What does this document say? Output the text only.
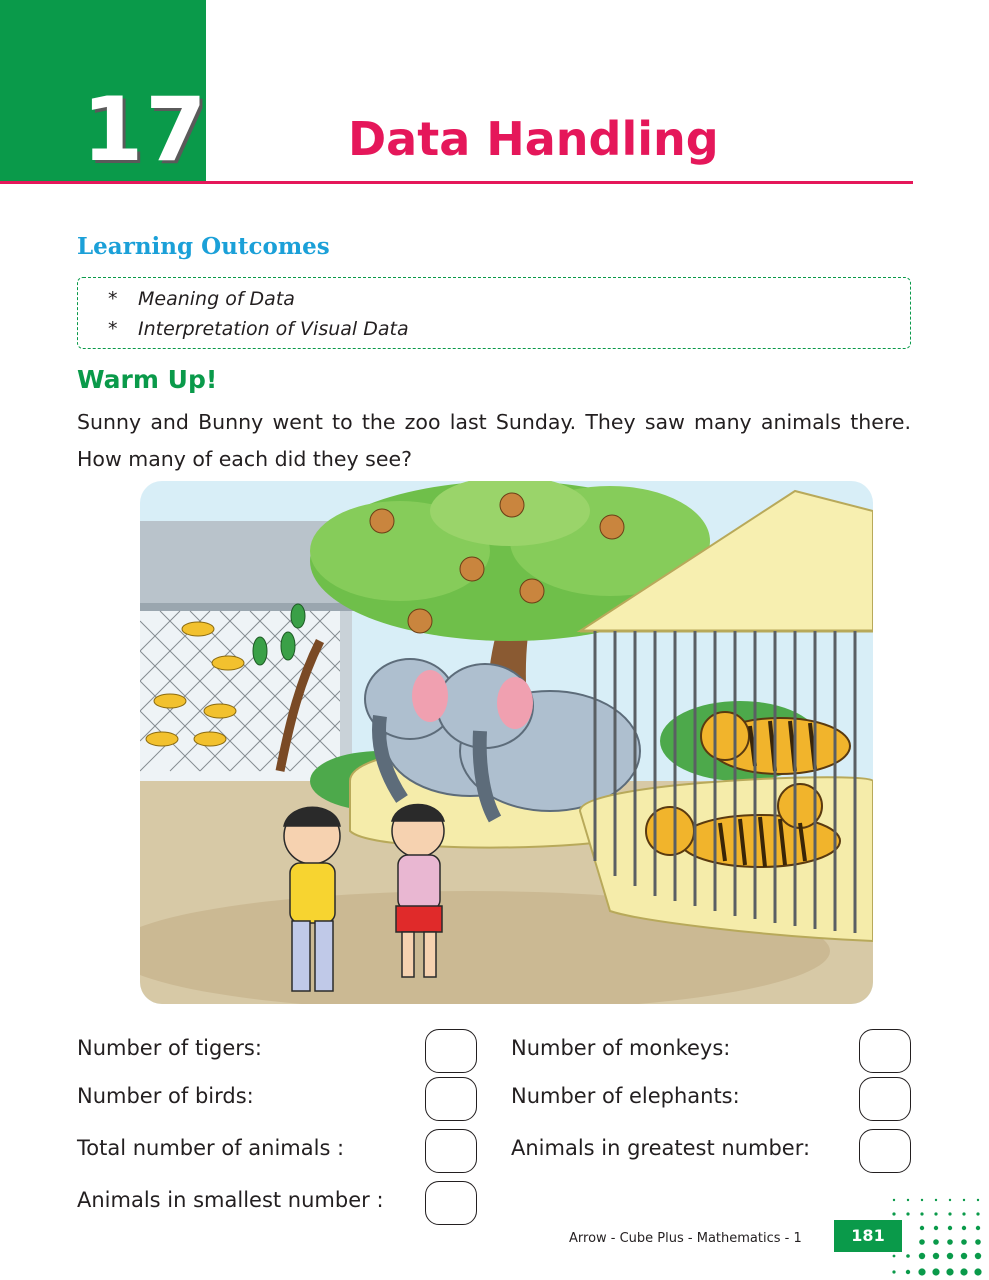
17	Data Handling
Learning Outcomes
* Meaning of Data
* Interpretation of Visual Data
Warm Up!
Sunny and Bunny went to the zoo last Sunday. They saw many animals there. How many of each did they see?
Number of tigers:
Number of birds:
Total number of animals :
Animals in smallest number :
Number of monkeys:
Number of elephants:
Animals in greatest number:
Arrow - Cube Plus - Mathematics - 1	181
